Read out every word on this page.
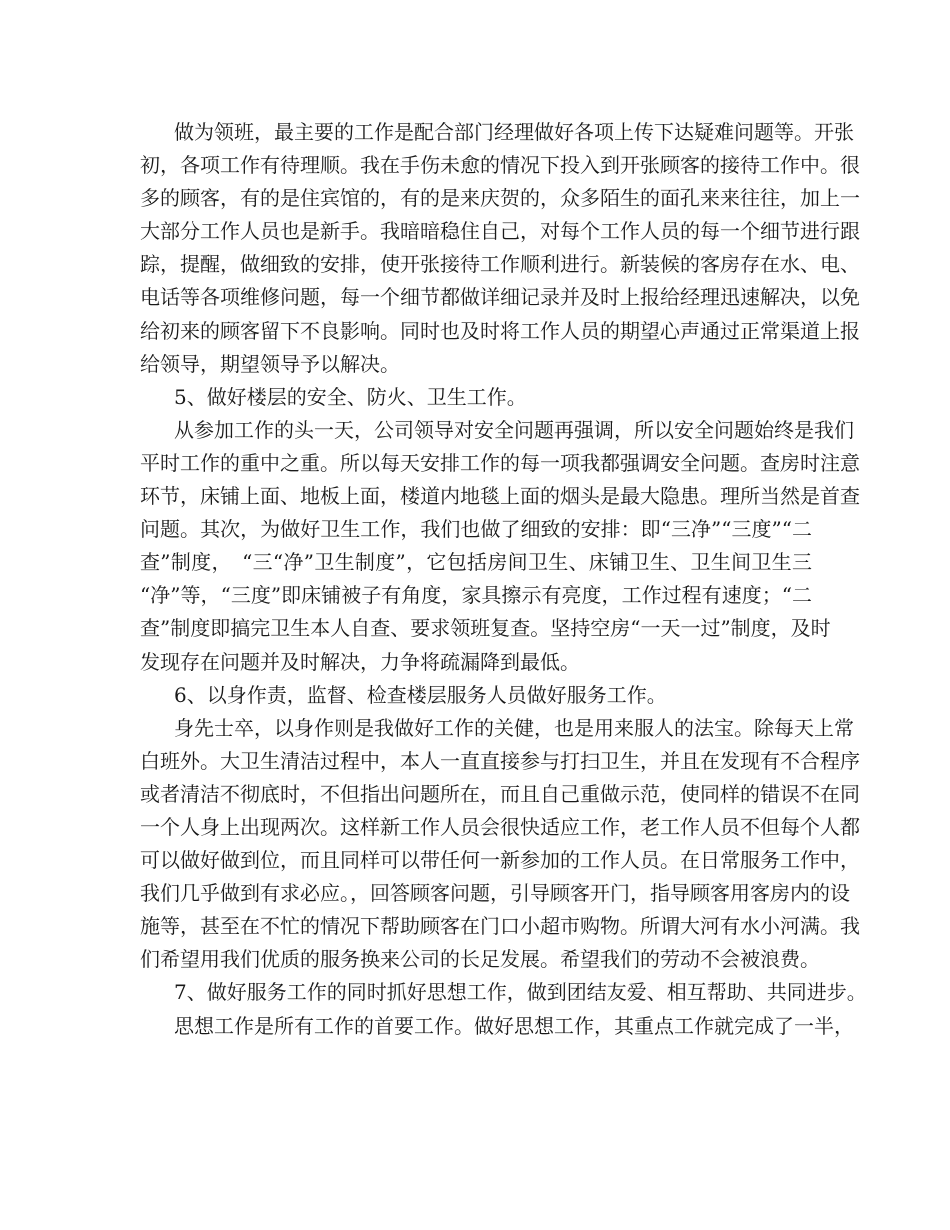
做为领班，最主要的工作是配合部门经理做好各项上传下达疑难问题等。开张
初，各项工作有待理顺。我在手伤未愈的情况下投入到开张顾客的接待工作中。很
多的顾客，有的是住宾馆的，有的是来庆贺的，众多陌生的面孔来来往往，加上一
大部分工作人员也是新手。我暗暗稳住自己，对每个工作人员的每一个细节进行跟
踪，提醒，做细致的安排，使开张接待工作顺利进行。新装候的客房存在水、电、
电话等各项维修问题，每一个细节都做详细记录并及时上报给经理迅速解决，以免
给初来的顾客留下不良影响。同时也及时将工作人员的期望心声通过正常渠道上报
给领导，期望领导予以解决。
5、做好楼层的安全、防火、卫生工作。
从参加工作的头一天，公司领导对安全问题再强调，所以安全问题始终是我们
平时工作的重中之重。所以每天安排工作的每一项我都强调安全问题。查房时注意
环节，床铺上面、地板上面，楼道内地毯上面的烟头是最大隐患。理所当然是首查
问题。其次，为做好卫生工作，我们也做了细致的安排：即“三净”“三度”“二
查”制度，　“三“净”卫生制度”，它包括房间卫生、床铺卫生、卫生间卫生三
“净”等，“三度”即床铺被子有角度，家具擦示有亮度，工作过程有速度；“二
查”制度即搞完卫生本人自查、要求领班复查。坚持空房“一天一过”制度，及时
发现存在问题并及时解决，力争将疏漏降到最低。
6、以身作责，监督、检查楼层服务人员做好服务工作。
身先士卒，以身作则是我做好工作的关健，也是用来服人的法宝。除每天上常
白班外。大卫生清洁过程中，本人一直直接参与打扫卫生，并且在发现有不合程序
或者清洁不彻底时，不但指出问题所在，而且自己重做示范，使同样的错误不在同
一个人身上出现两次。这样新工作人员会很快适应工作，老工作人员不但每个人都
可以做好做到位，而且同样可以带任何一新参加的工作人员。在日常服务工作中，
我们几乎做到有求必应。，回答顾客问题，引导顾客开门，指导顾客用客房内的设
施等，甚至在不忙的情况下帮助顾客在门口小超市购物。所谓大河有水小河满。我
们希望用我们优质的服务换来公司的长足发展。希望我们的劳动不会被浪费。
7、做好服务工作的同时抓好思想工作，做到团结友爱、相互帮助、共同进步。
思想工作是所有工作的首要工作。做好思想工作，其重点工作就完成了一半，
